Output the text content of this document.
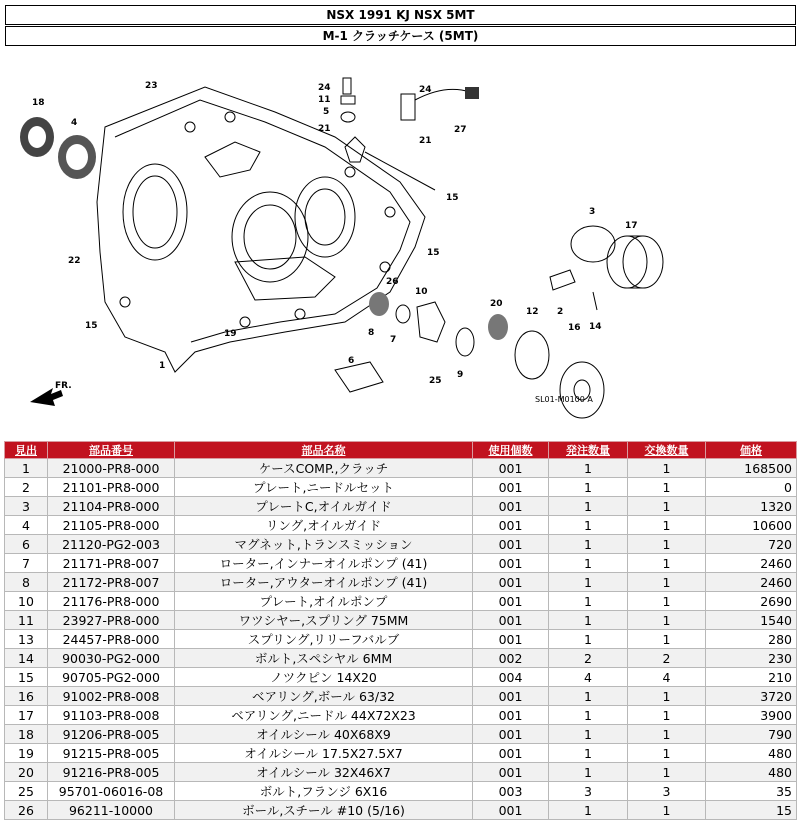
NSX 1991 KJ NSX 5MT
M-1 クラッチケース (5MT)
FR.
18
4
23	24
11
5
21
24
27
21
15
3
17
22
15
26
10
20
12 2
14
19	8
7
6
25
9
16
1
15
SL01-M0100 A
見出	部品番号	部品名称	使用個数	発注数量	交換数量	価格
1	21000-PR8-000	ケースCOMP.,クラッチ	001	1	1	168500
2	21101-PR8-000	プレート,ニードルセット	001	1	1	0
3	21104-PR8-000	プレートC,オイルガイド	001	1	1	1320
4	21105-PR8-000	リング,オイルガイド	001	1	1	10600
6	21120-PG2-003	マグネット,トランスミッション	001	1	1	720
7	21171-PR8-007	ローター,インナーオイルポンプ (41)	001	1	1	2460
8	21172-PR8-007	ローター,アウターオイルポンプ (41)	001	1	1	2460
10	21176-PR8-000	プレート,オイルポンプ	001	1	1	2690
11	23927-PR8-000	ワツシヤー,スプリング 75MM	001	1	1	1540
13	24457-PR8-000	スプリング,リリーフバルブ	001	1	1	280
14	90030-PG2-000	ボルト,スペシヤル 6MM	002	2	2	230
15	90705-PG2-000	ノツクピン 14X20	004	4	4	210
16	91002-PR8-008	ベアリング,ボール 63/32	001	1	1	3720
17	91103-PR8-008	ベアリング,ニードル 44X72X23	001	1	1	3900
18	91206-PR8-005	オイルシール 40X68X9	001	1	1	790
19	91215-PR8-005	オイルシール 17.5X27.5X7	001	1	1	480
20	91216-PR8-005	オイルシール 32X46X7	001	1	1	480
25	95701-06016-08	ボルト,フランジ 6X16	003	3	3	35
26	96211-10000	ボール,スチール #10 (5/16)	001	1	1	15
